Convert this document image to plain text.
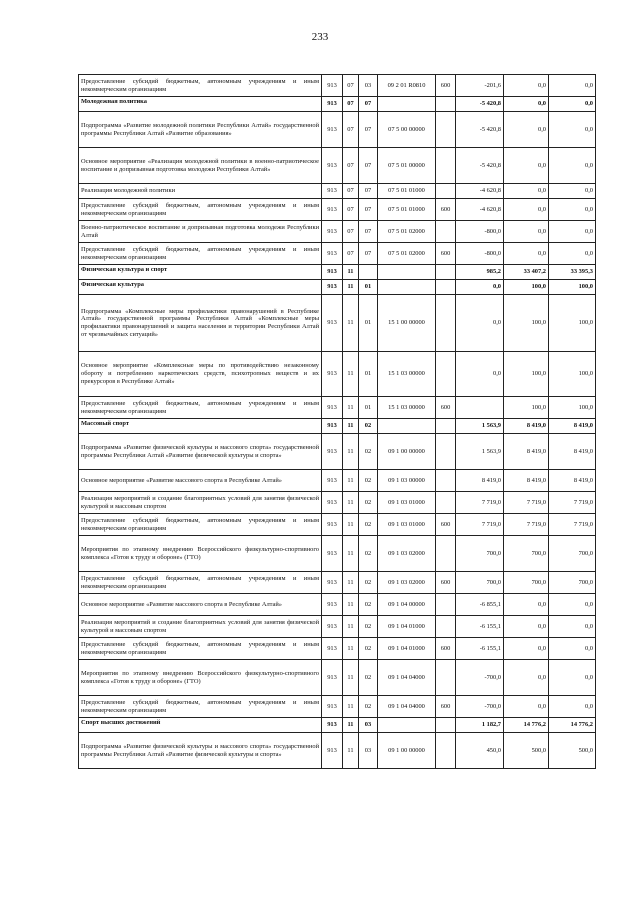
233
Предоставление субсидий бюджетным, автономным учреждениям и иным некоммерческим организациям	913	07	03	09 2 01 R0810	600	-201,6	0,0	0,0
Молодежная политика	913	07	07			-5 420,8	0,0	0,0
Подпрограмма «Развитие молодежной политики Республики Алтай» государственной программы Республики Алтай «Развитие образования»	913	07	07	07 5 00 00000		-5 420,8	0,0	0,0
Основное мероприятие «Реализация молодежной политики в военно-патриотическое воспитание и допризывная подготовка молодежи Республики Алтай»	913	07	07	07 5 01 00000		-5 420,8	0,0	0,0
Реализация молодежной политики	913	07	07	07 5 01 01000		-4 620,8	0,0	0,0
Предоставление субсидий бюджетным, автономным учреждениям и иным некоммерческим организациям	913	07	07	07 5 01 01000	600	-4 620,8	0,0	0,0
Военно-патриотическое воспитание и допризывная подготовка молодежи Республики Алтай	913	07	07	07 5 01 02000		-800,0	0,0	0,0
Предоставление субсидий бюджетным, автономным учреждениям и иным некоммерческим организациям	913	07	07	07 5 01 02000	600	-800,0	0,0	0,0
Физическая культура и спорт	913	11				985,2	33 407,2	33 395,3
Физическая культура	913	11	01			0,0	100,0	100,0
Подпрограмма «Комплексные меры профилактики правонарушений в Республике Алтай» государственной программы Республики Алтай «Комплексные меры профилактики правонарушений и защита населения и территории Республики Алтай от чрезвычайных ситуаций»	913	11	01	15 1 00 00000		0,0	100,0	100,0
Основное мероприятие «Комплексные меры по противодействию незаконному обороту и потреблению наркотических средств, психотропных веществ и их прекурсоров в Республике Алтай»	913	11	01	15 1 03 00000		0,0	100,0	100,0
Предоставление субсидий бюджетным, автономным учреждениям и иным некоммерческим организациям	913	11	01	15 1 03 00000	600		100,0	100,0
Массовый спорт	913	11	02			1 563,9	8 419,0	8 419,0
Подпрограмма «Развитие физической культуры и массового спорта» государственной программы Республики Алтай «Развитие физической культуры и спорта»	913	11	02	09 1 00 00000		1 563,9	8 419,0	8 419,0
Основное мероприятие «Развитие массового спорта в Республике Алтай»	913	11	02	09 1 03 00000		8 419,0	8 419,0	8 419,0
Реализация мероприятий и создание благоприятных условий для занятия физической культурой и массовым спортом	913	11	02	09 1 03 01000		7 719,0	7 719,0	7 719,0
Предоставление субсидий бюджетным, автономным учреждениям и иным некоммерческим организациям	913	11	02	09 1 03 01000	600	7 719,0	7 719,0	7 719,0
Мероприятия по этапному внедрению Всероссийского физкультурно-спортивного комплекса «Готов к труду и обороне» (ГТО)	913	11	02	09 1 03 02000		700,0	700,0	700,0
Предоставление субсидий бюджетным, автономным учреждениям и иным некоммерческим организациям	913	11	02	09 1 03 02000	600	700,0	700,0	700,0
Основное мероприятие «Развитие массового спорта в Республике Алтай»	913	11	02	09 1 04 00000		-6 855,1	0,0	0,0
Реализация мероприятий и создание благоприятных условий для занятия физической культурой и массовым спортом	913	11	02	09 1 04 01000		-6 155,1	0,0	0,0
Предоставление субсидий бюджетным, автономным учреждениям и иным некоммерческим организациям	913	11	02	09 1 04 01000	600	-6 155,1	0,0	0,0
Мероприятия по этапному внедрению Всероссийского физкультурно-спортивного комплекса «Готов к труду и обороне» (ГТО)	913	11	02	09 1 04 04000		-700,0	0,0	0,0
Предоставление субсидий бюджетным, автономным учреждениям и иным некоммерческим организациям	913	11	02	09 1 04 04000	600	-700,0	0,0	0,0
Спорт высших достижений	913	11	03			1 182,7	14 776,2	14 776,2
Подпрограмма «Развитие физической культуры и массового спорта» государственной программы Республики Алтай «Развитие физической культуры и спорта»	913	11	03	09 1 00 00000		450,0	500,0	500,0
